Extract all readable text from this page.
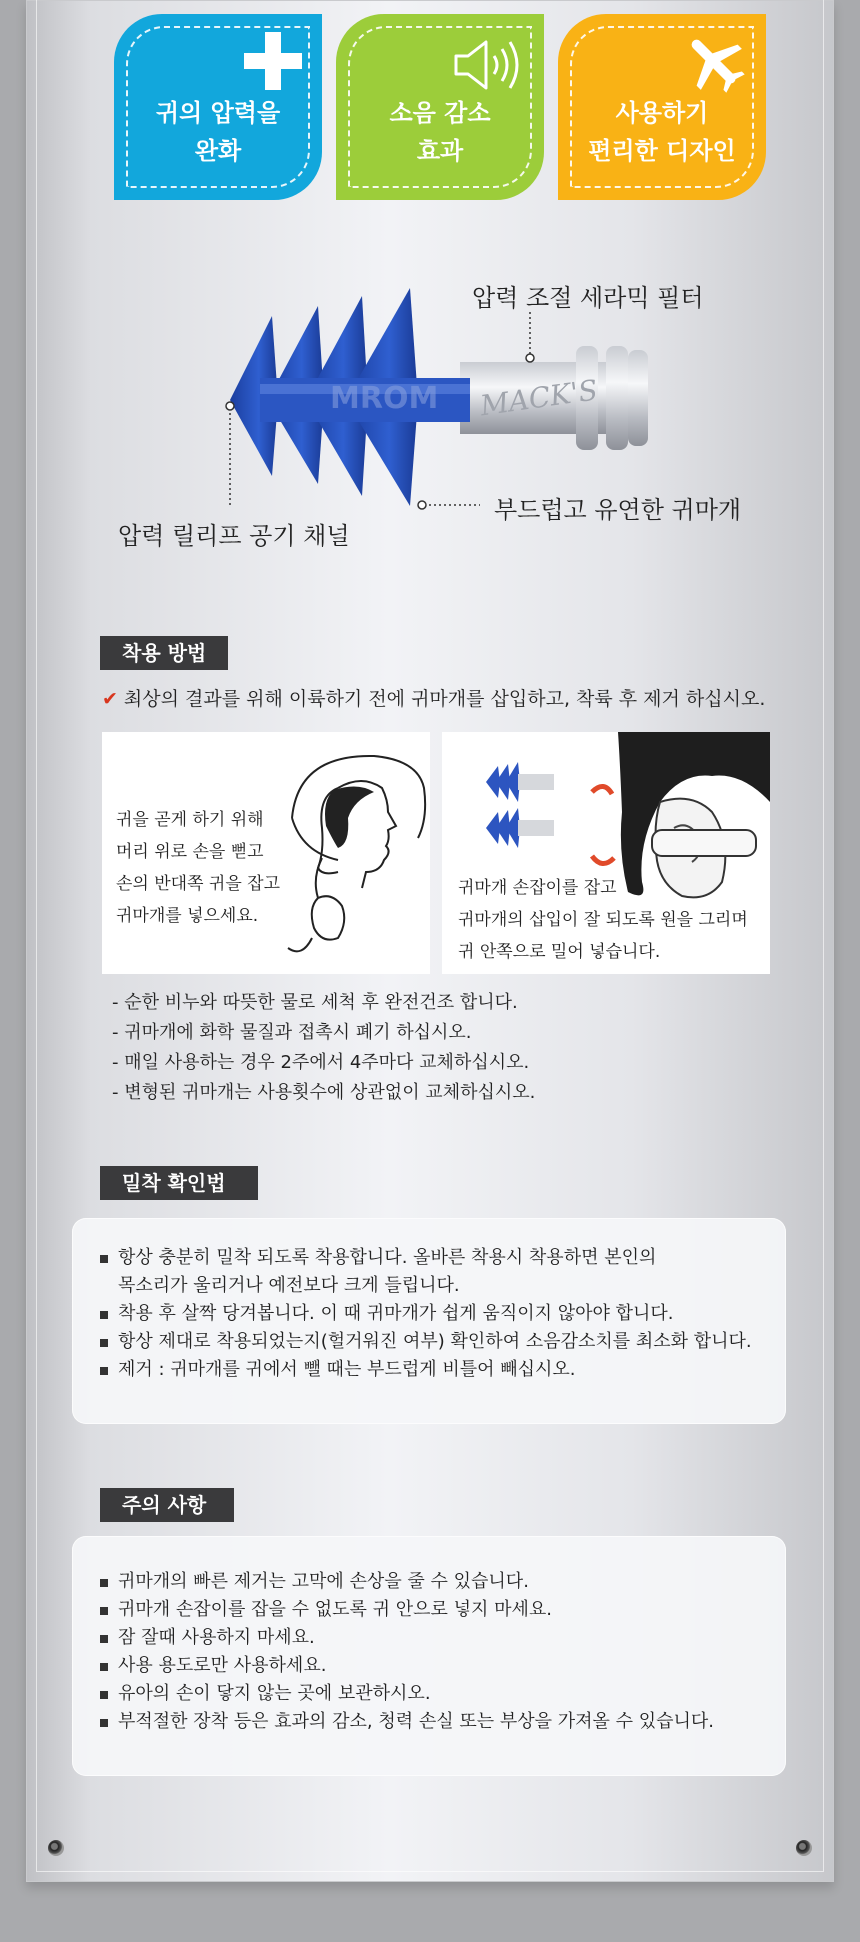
귀의 압력을
완화
소음 감소
효과
사용하기
편리한 디자인
MACK'S
MROM
압력 조절 세라믹 필터
부드럽고 유연한 귀마개
압력 릴리프 공기 채널
착용 방법
✔ 최상의 결과를 위해 이륙하기 전에 귀마개를 삽입하고, 착륙 후 제거 하십시오.
귀을 곧게 하기 위해
머리 위로 손을 뻗고
손의 반대쪽 귀을 잡고
귀마개를 넣으세요.
귀마개 손잡이를 잡고
귀마개의 삽입이 잘 되도록 원을 그리며
귀 안쪽으로 밀어 넣습니다.
- 순한 비누와 따뜻한 물로 세척 후 완전건조 합니다.
- 귀마개에 화학 물질과 접촉시 폐기 하십시오.
- 매일 사용하는 경우 2주에서 4주마다 교체하십시오.
- 변형된 귀마개는 사용횟수에 상관없이 교체하십시오.
밀착 확인법
항상 충분히 밀착 되도록 착용합니다. 올바른 착용시 착용하면 본인의
목소리가 울리거나 예전보다 크게 들립니다.
착용 후 살짝 당겨봅니다. 이 때 귀마개가 쉽게 움직이지 않아야 합니다.
항상 제대로 착용되었는지(헐거워진 여부) 확인하여 소음감소치를 최소화 합니다.
제거 : 귀마개를 귀에서 뺄 때는 부드럽게 비틀어 빼십시오.
주의 사항
귀마개의 빠른 제거는 고막에 손상을 줄 수 있습니다.
귀마개 손잡이를 잡을 수 없도록 귀 안으로 넣지 마세요.
잠 잘때 사용하지 마세요.
사용 용도로만 사용하세요.
유아의 손이 닿지 않는 곳에 보관하시오.
부적절한 장착 등은 효과의 감소, 청력 손실 또는 부상을 가져올 수 있습니다.
